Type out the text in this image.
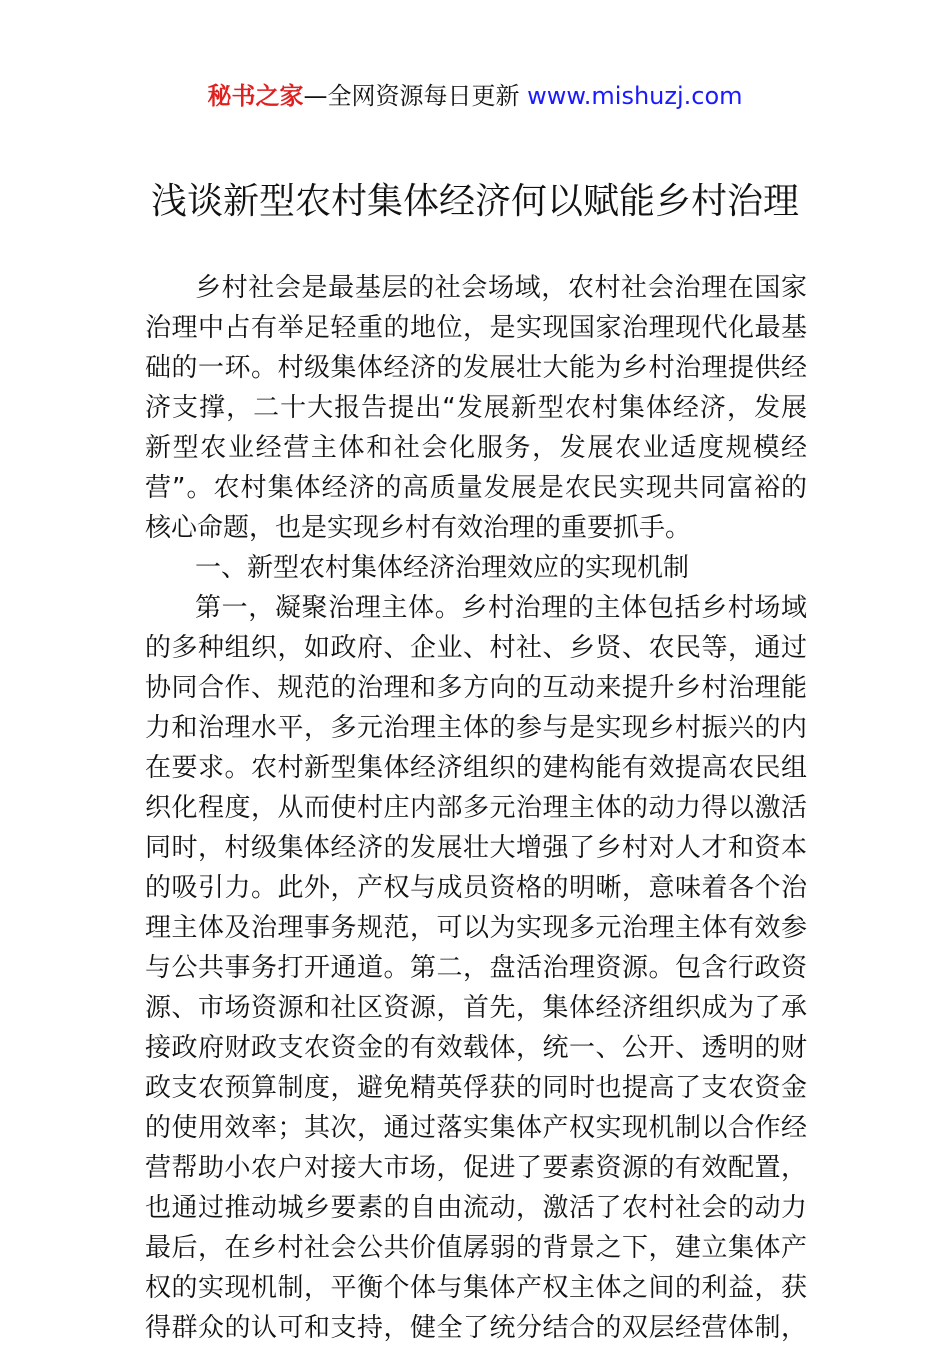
秘书之家—全网资源每日更新 www.mishuzj.com
浅谈新型农村集体经济何以赋能乡村治理
乡村社会是最基层的社会场域，农村社会治理在国家
治理中占有举足轻重的地位，是实现国家治理现代化最基
础的一环。村级集体经济的发展壮大能为乡村治理提供经
济支撑，二十大报告提出“发展新型农村集体经济，发展
新型农业经营主体和社会化服务，发展农业适度规模经
营”。农村集体经济的高质量发展是农民实现共同富裕的
核心命题，也是实现乡村有效治理的重要抓手。
一、新型农村集体经济治理效应的实现机制
第一，凝聚治理主体。乡村治理的主体包括乡村场域
的多种组织，如政府、企业、村社、乡贤、农民等，通过
协同合作、规范的治理和多方向的互动来提升乡村治理能
力和治理水平，多元治理主体的参与是实现乡村振兴的内
在要求。农村新型集体经济组织的建构能有效提高农民组
织化程度，从而使村庄内部多元治理主体的动力得以激活
同时，村级集体经济的发展壮大增强了乡村对人才和资本
的吸引力。此外，产权与成员资格的明晰，意味着各个治
理主体及治理事务规范，可以为实现多元治理主体有效参
与公共事务打开通道。第二，盘活治理资源。包含行政资
源、市场资源和社区资源，首先，集体经济组织成为了承
接政府财政支农资金的有效载体，统一、公开、透明的财
政支农预算制度，避免精英俘获的同时也提高了支农资金
的使用效率；其次，通过落实集体产权实现机制以合作经
营帮助小农户对接大市场，促进了要素资源的有效配置，
也通过推动城乡要素的自由流动，激活了农村社会的动力
最后，在乡村社会公共价值孱弱的背景之下，建立集体产
权的实现机制，平衡个体与集体产权主体之间的利益，获
得群众的认可和支持，健全了统分结合的双层经营体制，
